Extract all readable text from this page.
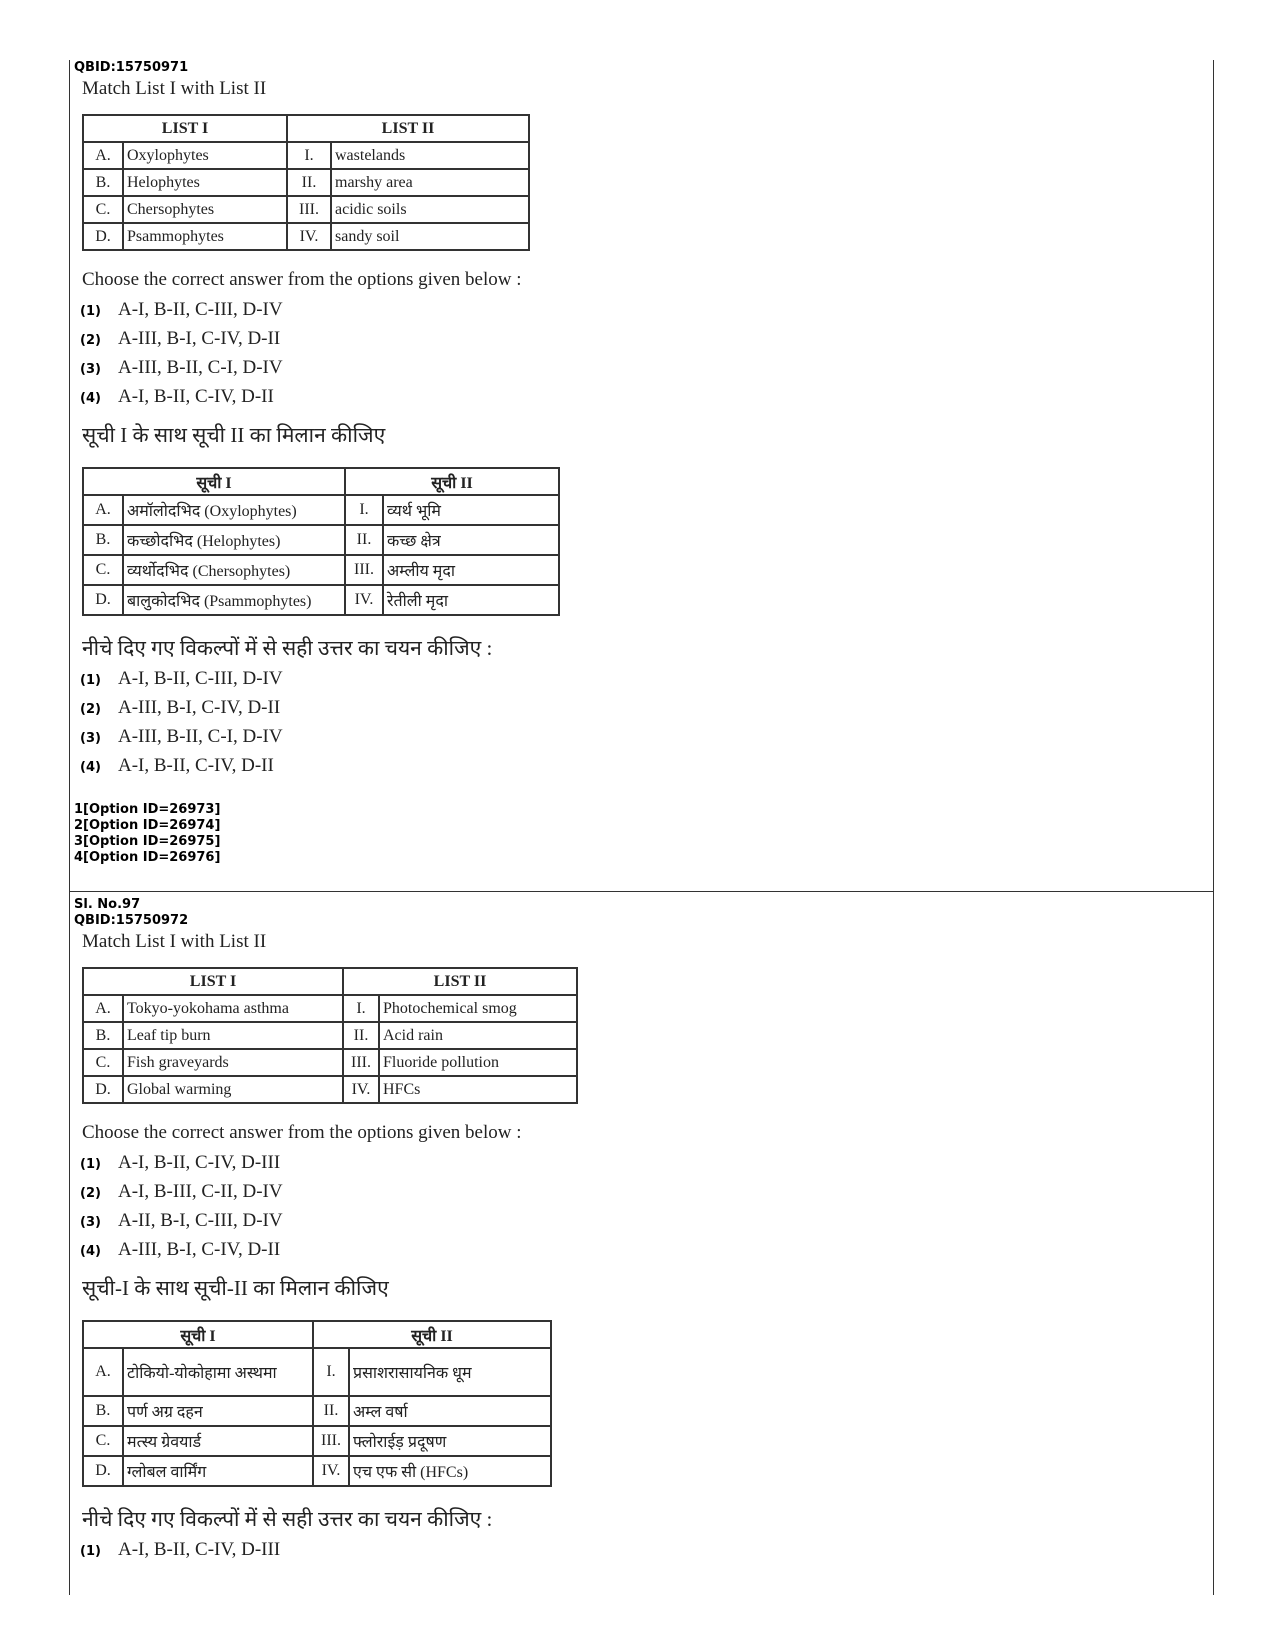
QBID:15750971
Match List I with List II
LIST I		LIST II	
A.	Oxylophytes	I.	wastelands
B.	Helophytes	II.	marshy area
C.	Chersophytes	III.	acidic soils
D.	Psammophytes	IV.	sandy soil
Choose the correct answer from the options given below :
(1) A-I, B-II, C-III, D-IV
(2) A-III, B-I, C-IV, D-II
(3) A-III, B-II, C-I, D-IV
(4) A-I, B-II, C-IV, D-II
सूची I के साथ सूची II का मिलान कीजिए
सूची I		सूची II	
A.	अमॉलोदभिद (Oxylophytes)	I.	व्यर्थ भूमि
B.	कच्छोदभिद (Helophytes)	II.	कच्छ क्षेत्र
C.	व्यर्थोदभिद (Chersophytes)	III.	अम्लीय मृदा
D.	बालुकोदभिद (Psammophytes)	IV.	रेतीली मृदा
नीचे दिए गए विकल्पों में से सही उत्तर का चयन कीजिए :
(1) A-I, B-II, C-III, D-IV
(2) A-III, B-I, C-IV, D-II
(3) A-III, B-II, C-I, D-IV
(4) A-I, B-II, C-IV, D-II
1[Option ID=26973]
2[Option ID=26974]
3[Option ID=26975]
4[Option ID=26976]
Sl. No.97
QBID:15750972
Match List I with List II
LIST I		LIST II	
A.	Tokyo-yokohama asthma	I.	Photochemical smog
B.	Leaf tip burn	II.	Acid rain
C.	Fish graveyards	III.	Fluoride pollution
D.	Global warming	IV.	HFCs
Choose the correct answer from the options given below :
(1) A-I, B-II, C-IV, D-III
(2) A-I, B-III, C-II, D-IV
(3) A-II, B-I, C-III, D-IV
(4) A-III, B-I, C-IV, D-II
सूची-I के साथ सूची-II का मिलान कीजिए
सूची I		सूची II	
A.	टोकियो-योकोहामा अस्थमा	I.	प्रसाशरासायनिक धूम
B.	पर्ण अग्र दहन	II.	अम्ल वर्षा
C.	मत्स्य ग्रेवयार्ड	III.	फ्लोराईड़ प्रदूषण
D.	ग्लोबल वार्मिंग	IV.	एच एफ सी (HFCs)
नीचे दिए गए विकल्पों में से सही उत्तर का चयन कीजिए :
(1) A-I, B-II, C-IV, D-III
